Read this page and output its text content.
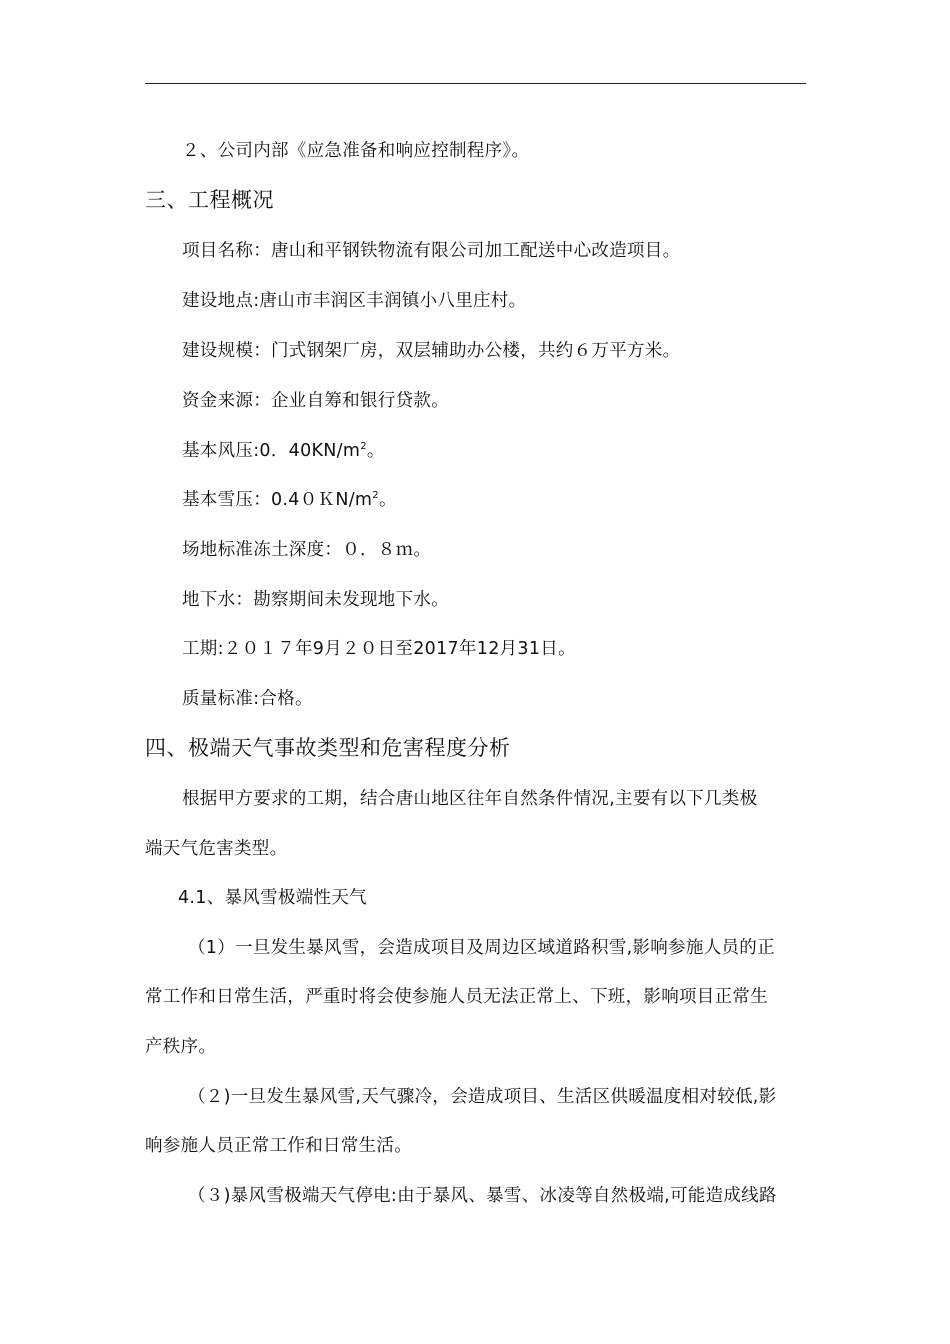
２、公司内部《应急准备和响应控制程序》。
三、工程概况
项目名称：唐山和平钢铁物流有限公司加工配送中心改造项目。
建设地点:唐山市丰润区丰润镇小八里庄村。
建设规模：门式钢架厂房，双层辅助办公楼，共约６万平方米。
资金来源：企业自筹和银行贷款。
基本风压:0．$40KN/m^2$。
基本雪压：$0.40KN/m^2$。
场地标准冻土深度：０．８ｍ。
地下水：勘察期间未发现地下水。
工期:２０１７年9月２０日至2017年12月31日。
质量标准:合格。
四、极端天气事故类型和危害程度分析
根据甲方要求的工期，结合唐山地区往年自然条件情况,主要有以下几类极
端天气危害类型。
4.1、暴风雪极端性天气
（1）一旦发生暴风雪，会造成项目及周边区域道路积雪,影响参施人员的正
常工作和日常生活，严重时将会使参施人员无法正常上、下班，影响项目正常生
产秩序。
（２)一旦发生暴风雪,天气骤冷，会造成项目、生活区供暖温度相对较低,影
响参施人员正常工作和日常生活。
（３)暴风雪极端天气停电:由于暴风、暴雪、冰凌等自然极端,可能造成线路
